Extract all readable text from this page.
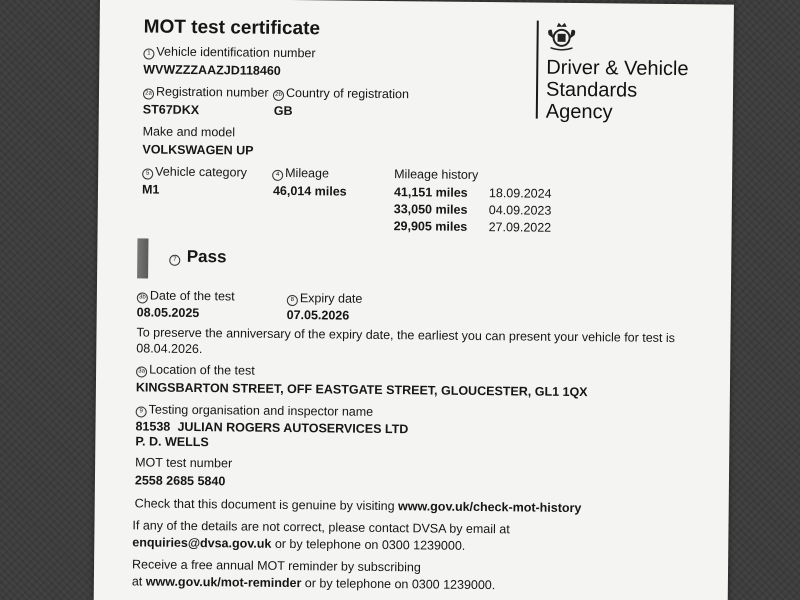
MOT test certificate
Driver & Vehicle
Standards
Agency
1 Vehicle identification number
WVWZZZAAZJD118460
2a Registration number
ST67DKX
2b Country of registration
GB
Make and model
VOLKSWAGEN UP
5 Vehicle category
M1
4 Mileage
46,014 miles
Mileage history
41,151 miles 18.09.2024
33,050 miles 04.09.2023
29,905 miles 27.09.2022
7 Pass
3b Date of the test
08.05.2025
8 Expiry date
07.05.2026
To preserve the anniversary of the expiry date, the earliest you can present your vehicle for test is
08.04.2026.
3a Location of the test
KINGSBARTON STREET, OFF EASTGATE STREET, GLOUCESTER, GL1 1QX
9 Testing organisation and inspector name
81538 JULIAN ROGERS AUTOSERVICES LTD
P. D. WELLS
MOT test number
2558 2685 5840
Check that this document is genuine by visiting www.gov.uk/check-mot-history
If any of the details are not correct, please contact DVSA by email at
enquiries@dvsa.gov.uk or by telephone on 0300 1239000.
Receive a free annual MOT reminder by subscribing
at www.gov.uk/mot-reminder or by telephone on 0300 1239000.
